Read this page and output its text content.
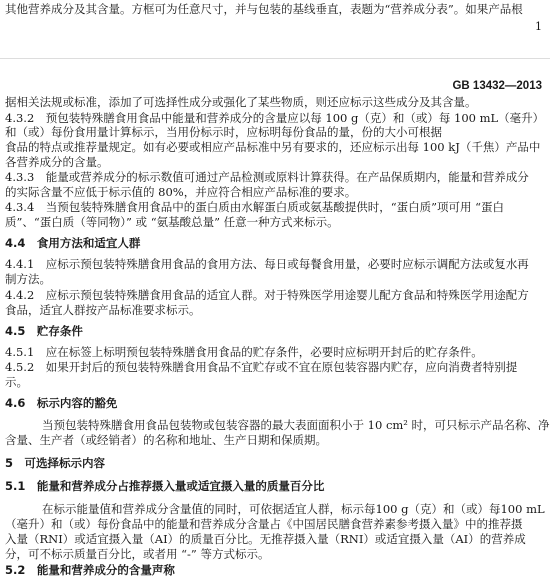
其他营养成分及其含量。方框可为任意尺寸，并与包装的基线垂直，表题为“营养成分表”。如果产品根
1
GB 13432—2013
据相关法规或标准，添加了可选择性成分或强化了某些物质，则还应标示这些成分及其含量。
4.3.2　预包装特殊膳食用食品中能量和营养成分的含量应以每 100 g（克）和（或）每 100 mL（毫升）
和（或）每份食用量计算标示，当用份标示时，应标明每份食品的量，份的大小可根据
食品的特点或推荐量规定。如有必要或相应产品标准中另有要求的，还应标示出每 100 kJ（千焦）产品中
各营养成分的含量。
4.3.3　能量或营养成分的标示数值可通过产品检测或原料计算获得。在产品保质期内，能量和营养成分
的实际含量不应低于标示值的 80%，并应符合相应产品标准的要求。
4.3.4　当预包装特殊膳食用食品中的蛋白质由水解蛋白质或氨基酸提供时，“蛋白质”项可用 “蛋白
质”、“蛋白质（等同物）” 或 “氨基酸总量” 任意一种方式来标示。
4.4　食用方法和适宜人群
4.4.1　应标示预包装特殊膳食用食品的食用方法、每日或每餐食用量，必要时应标示调配方法或复水再
制方法。
4.4.2　应标示预包装特殊膳食用食品的适宜人群。对于特殊医学用途婴儿配方食品和特殊医学用途配方
食品，适宜人群按产品标准要求标示。
4.5　贮存条件
4.5.1　应在标签上标明预包装特殊膳食用食品的贮存条件，必要时应标明开封后的贮存条件。
4.5.2　如果开封后的预包装特殊膳食用食品不宜贮存或不宜在原包装容器内贮存，应向消费者特别提
示。
4.6　标示内容的豁免
当预包装特殊膳食用食品包装物或包装容器的最大表面面积小于 10 cm² 时，可只标示产品名称、净
含量、生产者（或经销者）的名称和地址、生产日期和保质期。
5　可选择标示内容
5.1　能量和营养成分占推荐摄入量或适宜摄入量的质量百分比
在标示能量值和营养成分含量值的同时，可依据适宜人群，标示每100 g（克）和（或）每100 mL
（毫升）和（或）每份食品中的能量和营养成分含量占《中国居民膳食营养素参考摄入量》中的推荐摄
入量（RNI）或适宜摄入量（AI）的质量百分比。无推荐摄入量（RNI）或适宜摄入量（AI）的营养成
分，可不标示质量百分比，或者用 “-” 等方式标示。
5.2　能量和营养成分的含量声称
